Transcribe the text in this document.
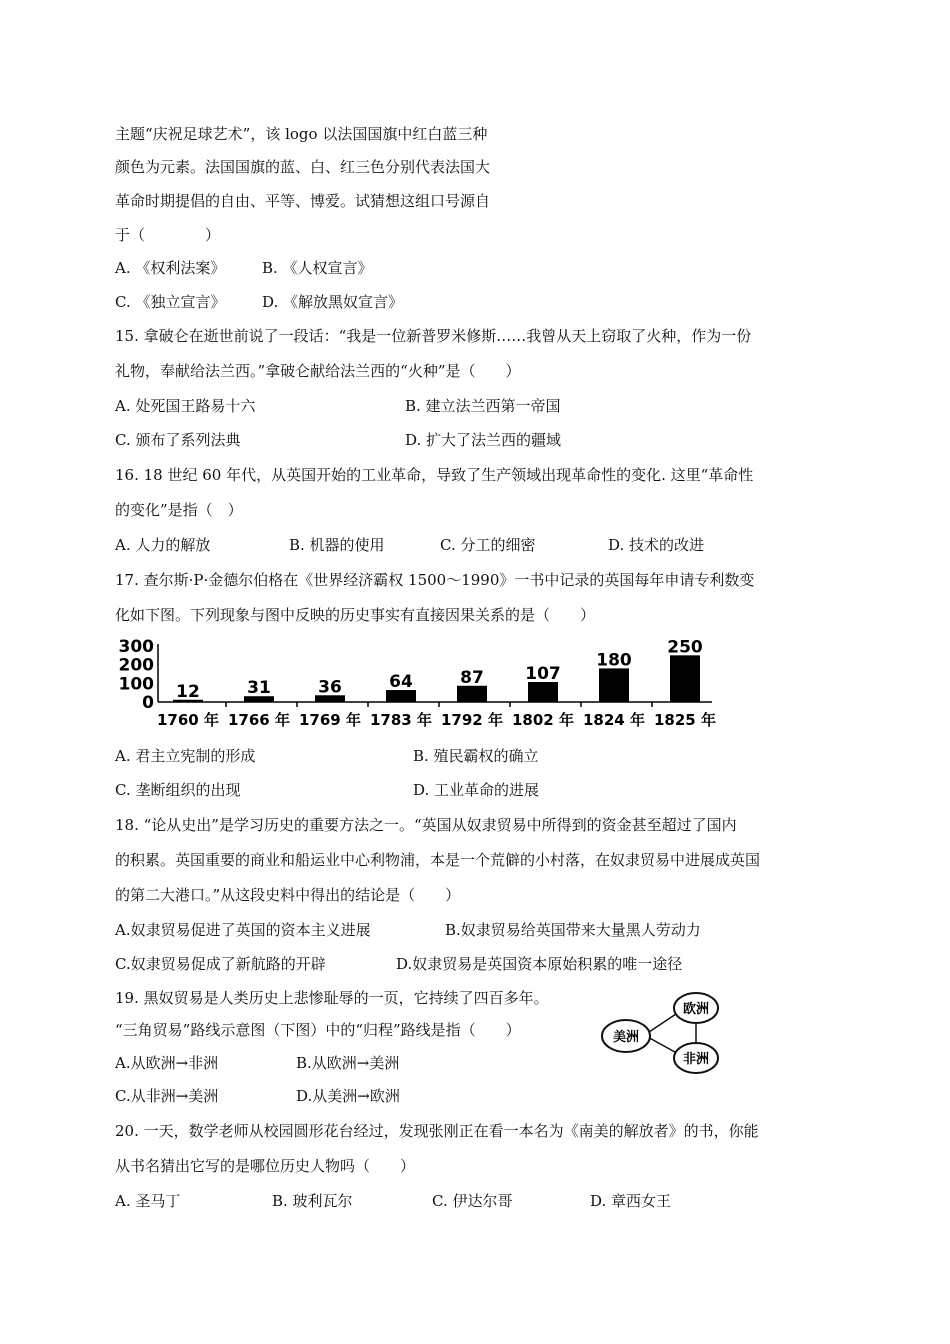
主题“庆祝足球艺术”，该 logo 以法国国旗中红白蓝三种
颜色为元素。法国国旗的蓝、白、红三色分别代表法国大
革命时期提倡的自由、平等、博爱。试猜想这组口号源自
于（　　　　）
A. 《权利法案》 B. 《人权宣言》
C. 《独立宣言》 D. 《解放黑奴宣言》
15. 拿破仑在逝世前说了一段话：“我是一位新普罗米修斯……我曾从天上窃取了火种，作为一份
礼物，奉献给法兰西。”拿破仑献给法兰西的“火种”是（　　）
A. 处死国王路易十六	B. 建立法兰西第一帝国
C. 颁布了系列法典	D. 扩大了法兰西的疆域
16. 18 世纪 60 年代，从英国开始的工业革命，导致了生产领域出现革命性的变化. 这里“革命性
的变化”是指（　）
A. 人力的解放	B. 机器的使用	C. 分工的细密	D. 技术的改进
17. 查尔斯·P·金德尔伯格在《世界经济霸权 1500～1990》一书中记录的英国每年申请专利数变
化如下图。下列现象与图中反映的历史事实有直接因果关系的是（　　）
300
200
100
0
12
1760 年
31
1766 年
36
1769 年
64
1783 年
87
1792 年
107
1802 年
180
1824 年
250
1825 年
A. 君主立宪制的形成	B. 殖民霸权的确立
C. 垄断组织的出现	D. 工业革命的进展
18. “论从史出”是学习历史的重要方法之一。“英国从奴隶贸易中所得到的资金甚至超过了国内
的积累。英国重要的商业和船运业中心利物浦，本是一个荒僻的小村落，在奴隶贸易中进展成英国
的第二大港口。”从这段史料中得出的结论是（　　）
A.奴隶贸易促进了英国的资本主义进展	B.奴隶贸易给英国带来大量黑人劳动力
C.奴隶贸易促成了新航路的开辟	D.奴隶贸易是英国资本原始积累的唯一途径
19. 黑奴贸易是人类历史上悲惨耻辱的一页，它持续了四百多年。
“三角贸易”路线示意图（下图）中的“归程”路线是指（　　）
A.从欧洲→非洲	B.从欧洲→美洲
C.从非洲→美洲	D.从美洲→欧洲
欧洲
美洲
非洲
20. 一天，数学老师从校园圆形花台经过，发现张刚正在看一本名为《南美的解放者》的书，你能
从书名猜出它写的是哪位历史人物吗（　　）
A. 圣马丁	B. 玻利瓦尔	C. 伊达尔哥	D. 章西女王
